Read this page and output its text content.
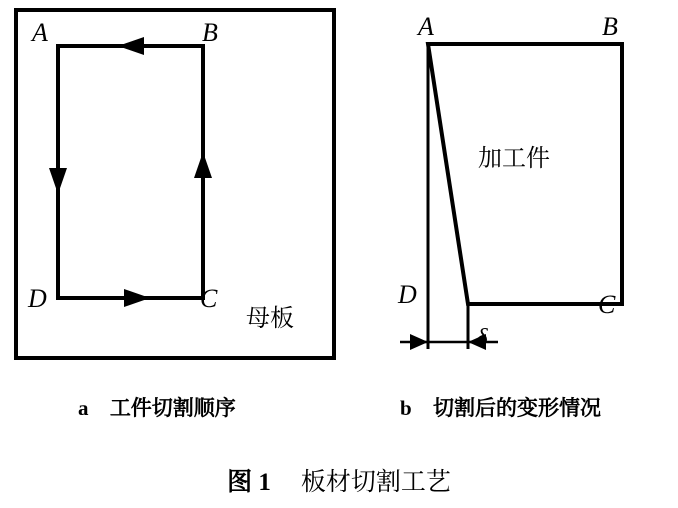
A	B
D	C
母板
A	B
D	C
加工件
δ
a 工件切割顺序	b 切割后的变形情况
图 1 板材切割工艺
